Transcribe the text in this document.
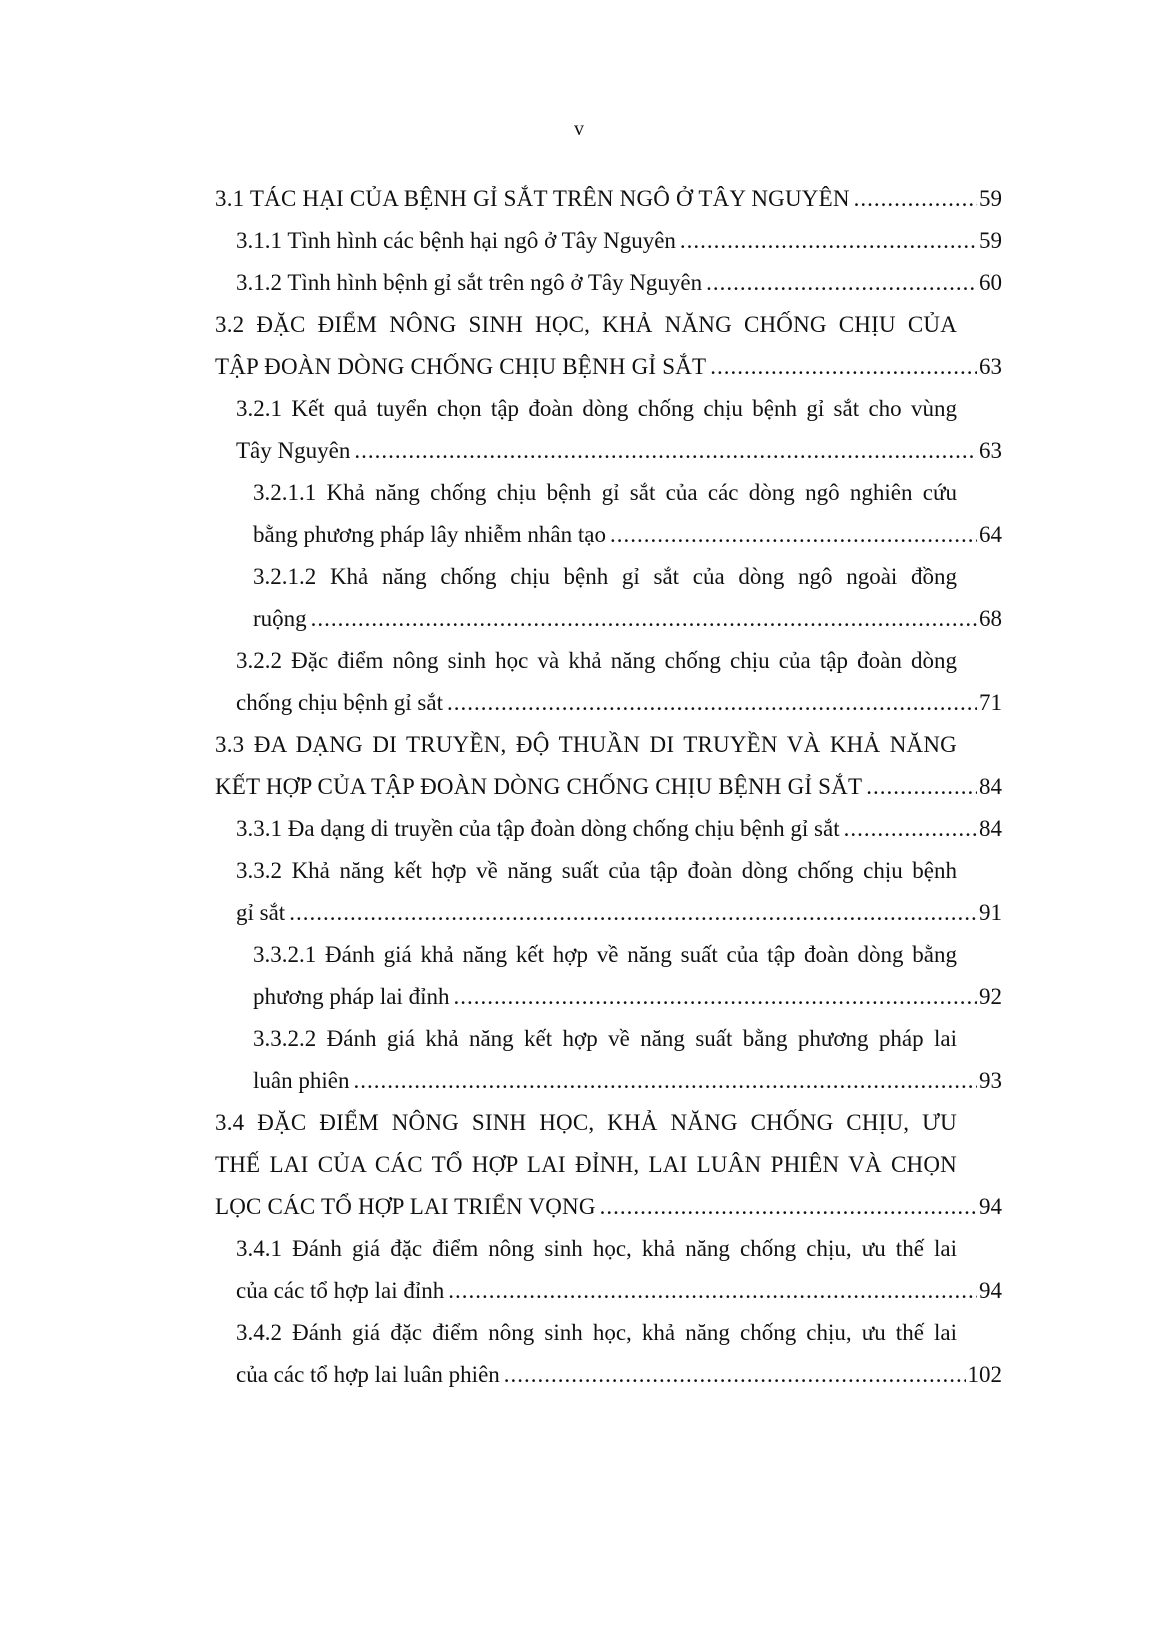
v
3.1 TÁC HẠI CỦA BỆNH GỈ SẮT TRÊN NGÔ Ở TÂY NGUYÊN .....	59
3.1.1 Tình hình các bệnh hại ngô ở Tây Nguyên .....	59
3.1.2 Tình hình bệnh gỉ sắt trên ngô ở Tây Nguyên .....	60
3.2 ĐẶC ĐIỂM NÔNG SINH HỌC, KHẢ NĂNG CHỐNG CHỊU CỦA
TẬP ĐOÀN DÒNG CHỐNG CHỊU BỆNH GỈ SẮT .....	63
3.2.1 Kết quả tuyển chọn tập đoàn dòng chống chịu bệnh gỉ sắt cho vùng
Tây Nguyên .....	63
3.2.1.1 Khả năng chống chịu bệnh gỉ sắt của các dòng ngô nghiên cứu
bằng phương pháp lây nhiễm nhân tạo .....	64
3.2.1.2 Khả năng chống chịu bệnh gỉ sắt của dòng ngô ngoài đồng
ruộng .....	68
3.2.2 Đặc điểm nông sinh học và khả năng chống chịu của tập đoàn dòng
chống chịu bệnh gỉ sắt .....	71
3.3 ĐA DẠNG DI TRUYỀN, ĐỘ THUẦN DI TRUYỀN VÀ KHẢ NĂNG
KẾT HỢP CỦA TẬP ĐOÀN DÒNG CHỐNG CHỊU BỆNH GỈ SẮT .....	84
3.3.1 Đa dạng di truyền của tập đoàn dòng chống chịu bệnh gỉ sắt .....	84
3.3.2 Khả năng kết hợp về năng suất của tập đoàn dòng chống chịu bệnh
gỉ sắt .....	91
3.3.2.1 Đánh giá khả năng kết hợp về năng suất của tập đoàn dòng bằng
phương pháp lai đỉnh .....	92
3.3.2.2 Đánh giá khả năng kết hợp về năng suất bằng phương pháp lai
luân phiên .....	93
3.4 ĐẶC ĐIỂM NÔNG SINH HỌC, KHẢ NĂNG CHỐNG CHỊU, ƯU
THẾ LAI CỦA CÁC TỔ HỢP LAI ĐỈNH, LAI LUÂN PHIÊN VÀ CHỌN
LỌC CÁC TỔ HỢP LAI TRIỂN VỌNG .....	94
3.4.1 Đánh giá đặc điểm nông sinh học, khả năng chống chịu, ưu thế lai
của các tổ hợp lai đỉnh .....	94
3.4.2 Đánh giá đặc điểm nông sinh học, khả năng chống chịu, ưu thế lai
của các tổ hợp lai luân phiên .....	102
